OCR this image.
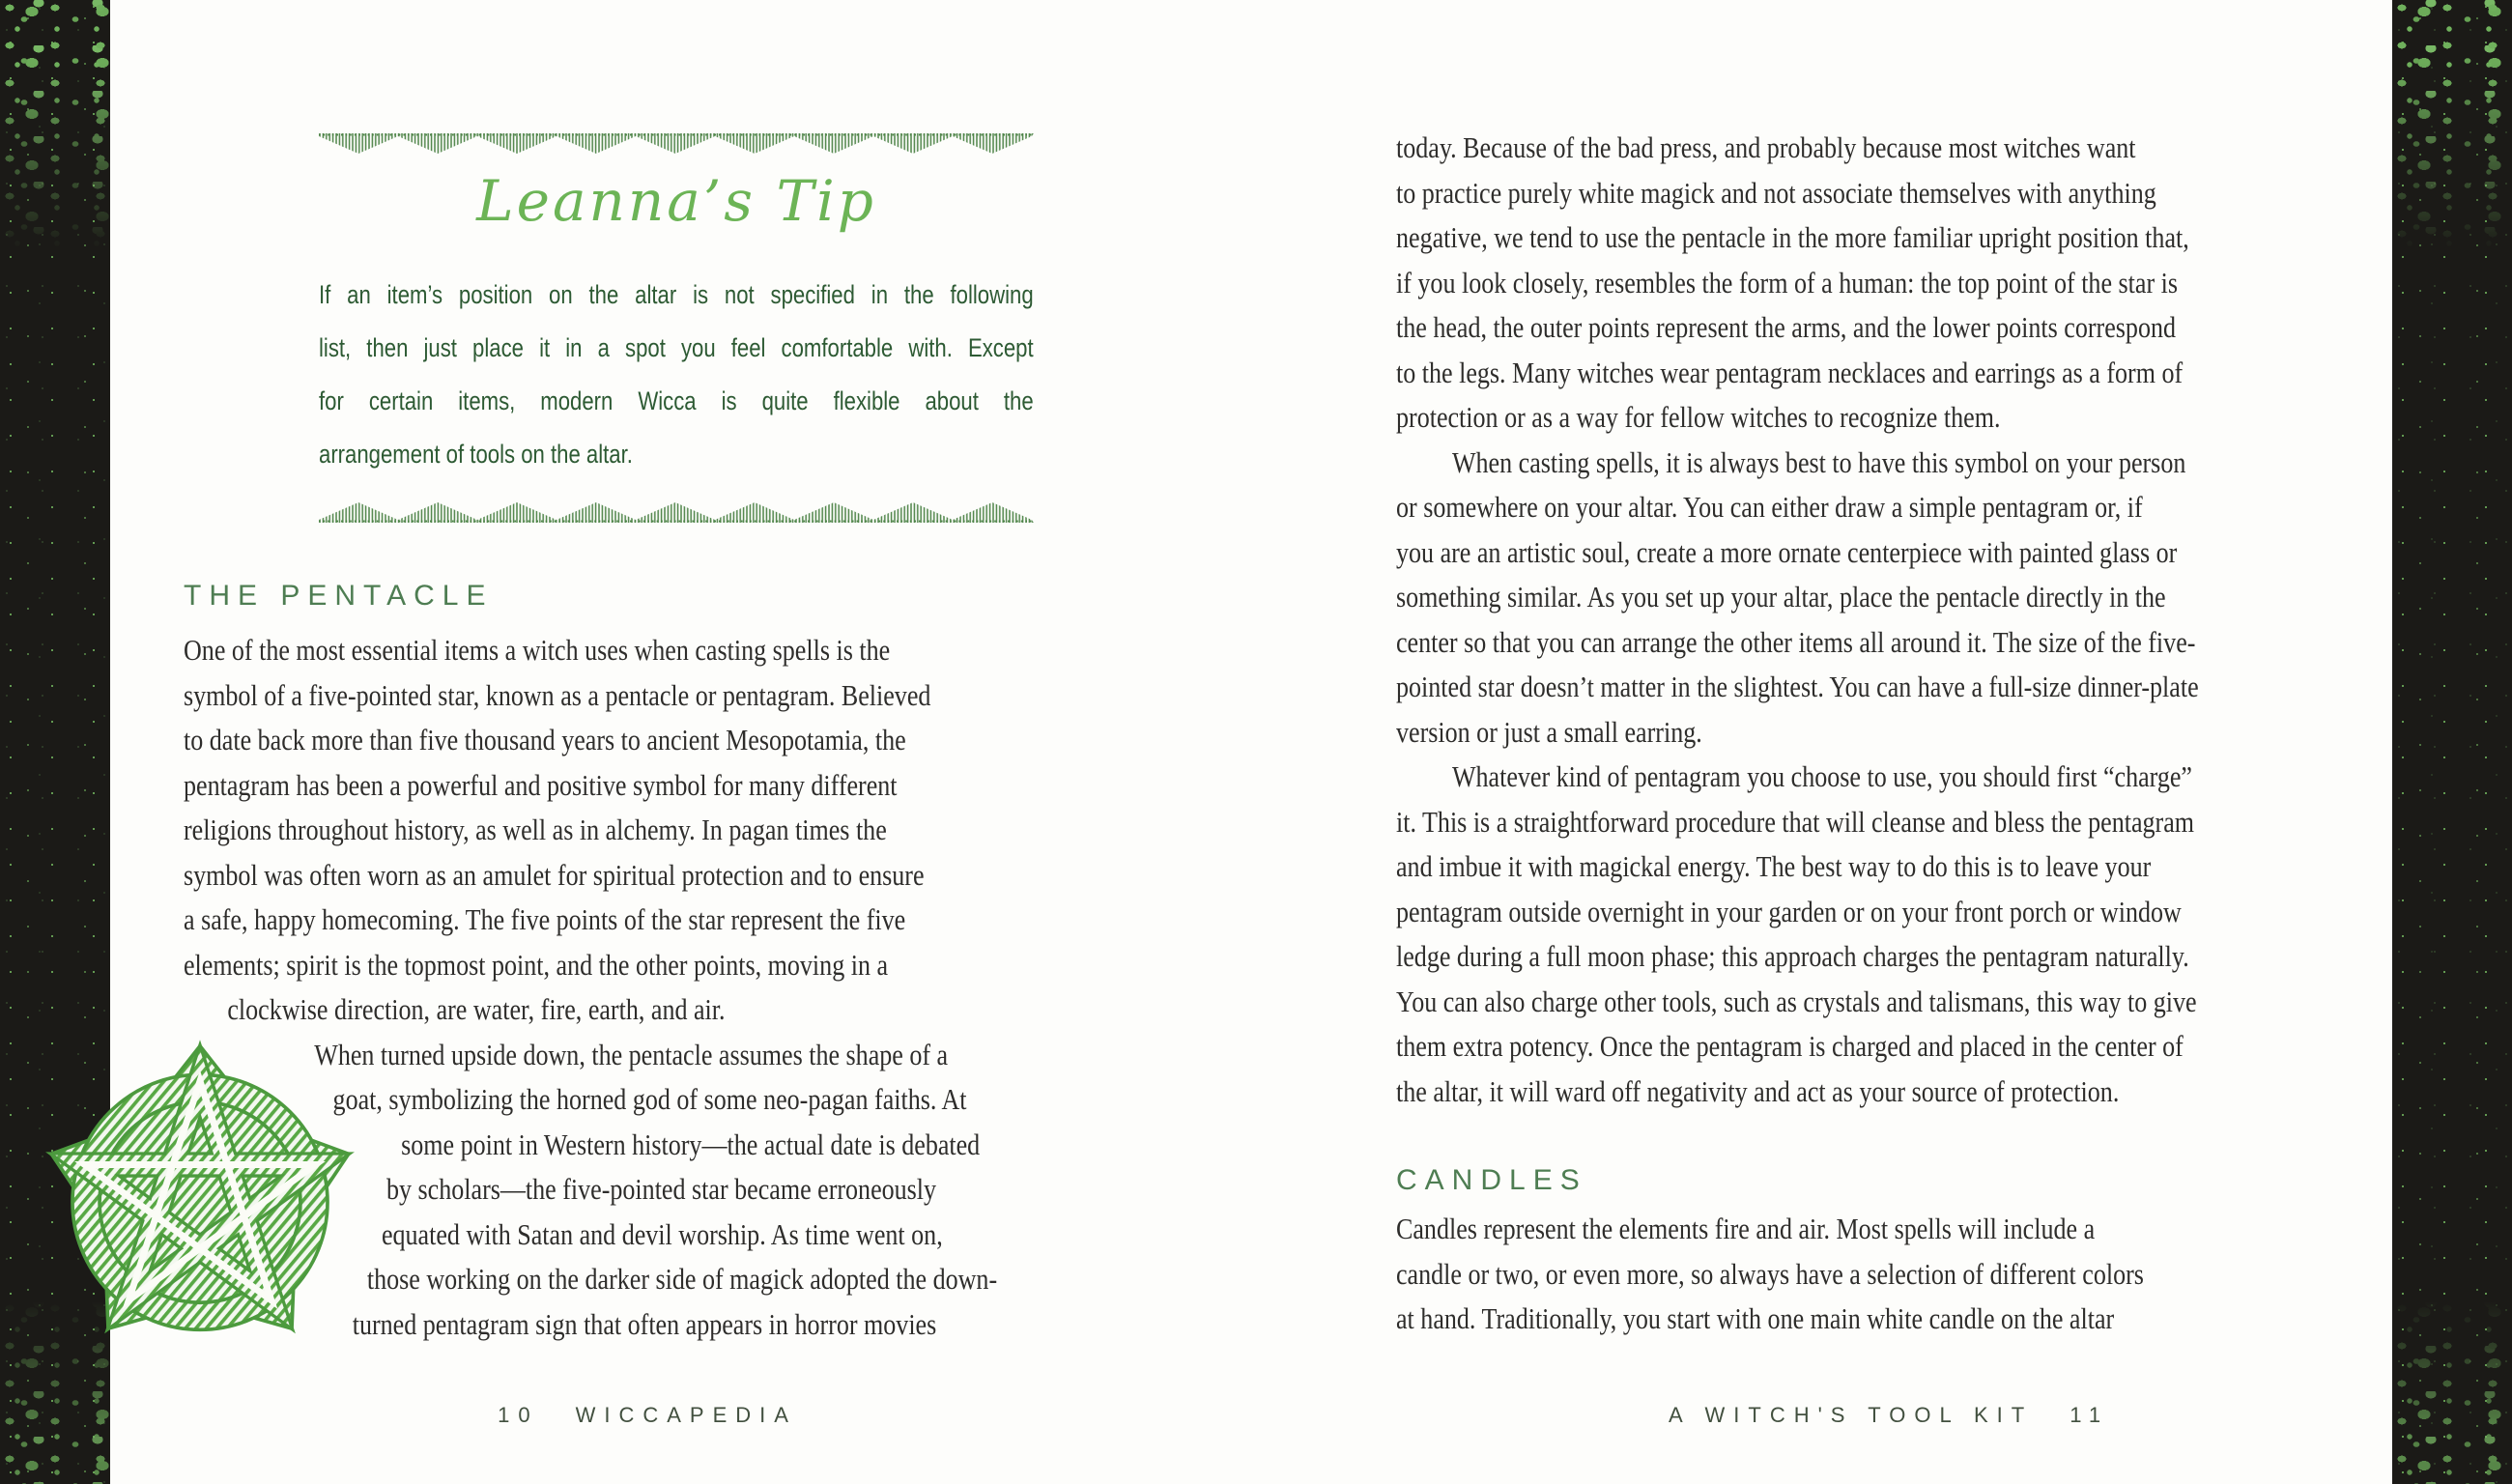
Leanna’s Tip
If an item’s position on the altar is not specified in the following
list, then just place it in a spot you feel comfortable with. Except
for certain items, modern Wicca is quite flexible about the
arrangement of tools on the altar.
THE PENTACLE
One of the most essential items a witch uses when casting spells is the
symbol of a five-pointed star, known as a pentacle or pentagram. Believed
to date back more than five thousand years to ancient Mesopotamia, the
pentagram has been a powerful and positive symbol for many different
religions throughout history, as well as in alchemy. In pagan times the
symbol was often worn as an amulet for spiritual protection and to ensure
a safe, happy homecoming. The five points of the star represent the five
elements; spirit is the topmost point, and the other points, moving in a
clockwise direction, are water, fire, earth, and air.
When turned upside down, the pentacle assumes the shape of a
goat, symbolizing the horned god of some neo-pagan faiths. At
some point in Western history—the actual date is debated
by scholars—the five-pointed star became erroneously
equated with Satan and devil worship. As time went on,
those working on the darker side of magick adopted the down-
turned pentagram sign that often appears in horror movies
10 WICCAPEDIA
today. Because of the bad press, and probably because most witches want
to practice purely white magick and not associate themselves with anything
negative, we tend to use the pentacle in the more familiar upright position that,
if you look closely, resembles the form of a human: the top point of the star is
the head, the outer points represent the arms, and the lower points correspond
to the legs. Many witches wear pentagram necklaces and earrings as a form of
protection or as a way for fellow witches to recognize them.
When casting spells, it is always best to have this symbol on your person
or somewhere on your altar. You can either draw a simple pentagram or, if
you are an artistic soul, create a more ornate centerpiece with painted glass or
something similar. As you set up your altar, place the pentacle directly in the
center so that you can arrange the other items all around it. The size of the five-
pointed star doesn’t matter in the slightest. You can have a full-size dinner-plate
version or just a small earring.
Whatever kind of pentagram you choose to use, you should first “charge”
it. This is a straightforward procedure that will cleanse and bless the pentagram
and imbue it with magickal energy. The best way to do this is to leave your
pentagram outside overnight in your garden or on your front porch or window
ledge during a full moon phase; this approach charges the pentagram naturally.
You can also charge other tools, such as crystals and talismans, this way to give
them extra potency. Once the pentagram is charged and placed in the center of
the altar, it will ward off negativity and act as your source of protection.
CANDLES
Candles represent the elements fire and air. Most spells will include a
candle or two, or even more, so always have a selection of different colors
at hand. Traditionally, you start with one main white candle on the altar
A WITCH'S TOOL KIT 11
